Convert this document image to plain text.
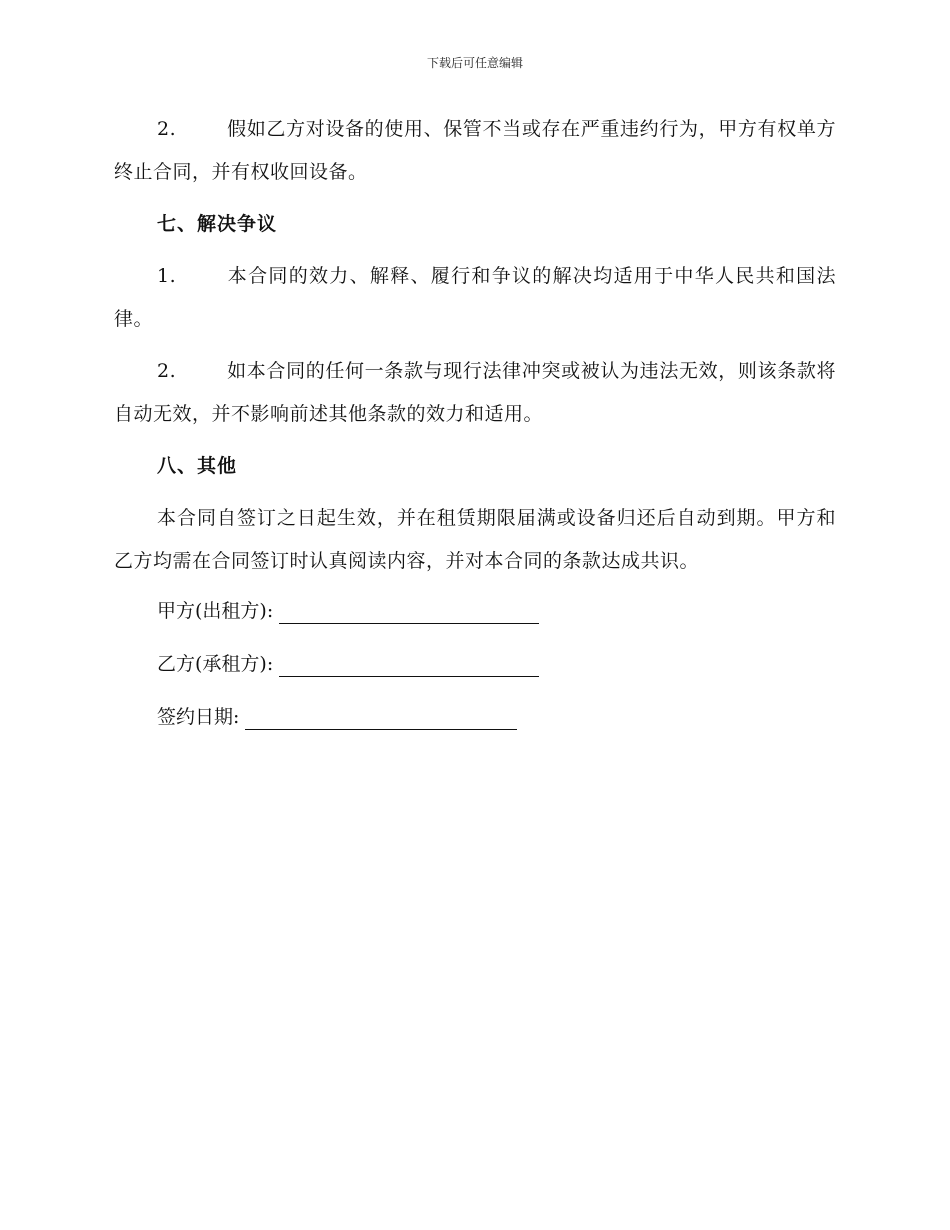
下载后可任意编辑

2.	假如乙方对设备的使用、保管不当或存在严重违约行为，甲方有权单方终止合同，并有权收回设备。

七、解决争议

1.	本合同的效力、解释、履行和争议的解决均适用于中华人民共和国法律。

2.	如本合同的任何一条款与现行法律冲突或被认为违法无效，则该条款将自动无效，并不影响前述其他条款的效力和适用。

八、其他

本合同自签订之日起生效，并在租赁期限届满或设备归还后自动到期。甲方和乙方均需在合同签订时认真阅读内容，并对本合同的条款达成共识。

甲方(出租方):
乙方(承租方):
签约日期:
